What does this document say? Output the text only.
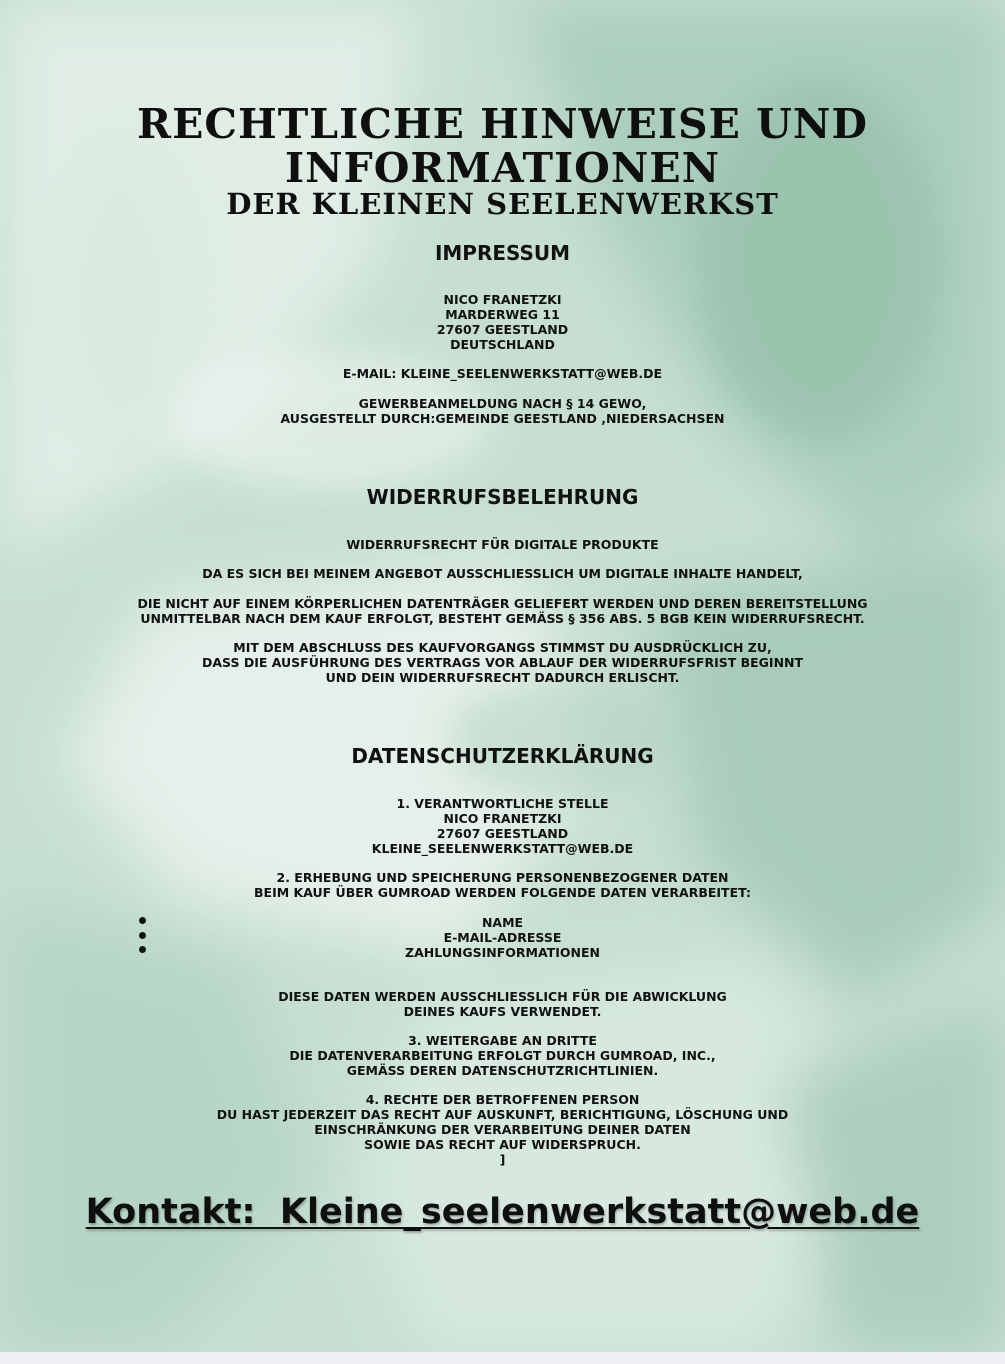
RECHTLICHE HINWEISE UND
INFORMATIONEN
DER KLEINEN SEELENWERKST
IMPRESSUM
NICO FRANETZKI
MARDERWEG 11
27607 GEESTLAND
DEUTSCHLAND
E-MAIL: KLEINE_SEELENWERKSTATT@WEB.DE
GEWERBEANMELDUNG NACH § 14 GEWO,
AUSGESTELLT DURCH:GEMEINDE GEESTLAND ,NIEDERSACHSEN
WIDERRUFSBELEHRUNG
WIDERRUFSRECHT FÜR DIGITALE PRODUKTE
DA ES SICH BEI MEINEM ANGEBOT AUSSCHLIESSLICH UM DIGITALE INHALTE HANDELT,
DIE NICHT AUF EINEM KÖRPERLICHEN DATENTRÄGER GELIEFERT WERDEN UND DEREN BEREITSTELLUNG
UNMITTELBAR NACH DEM KAUF ERFOLGT, BESTEHT GEMÄSS § 356 ABS. 5 BGB KEIN WIDERRUFSRECHT.
MIT DEM ABSCHLUSS DES KAUFVORGANGS STIMMST DU AUSDRÜCKLICH ZU,
DASS DIE AUSFÜHRUNG DES VERTRAGS VOR ABLAUF DER WIDERRUFSFRIST BEGINNT
UND DEIN WIDERRUFSRECHT DADURCH ERLISCHT.
DATENSCHUTZERKLÄRUNG
1. VERANTWORTLICHE STELLE
NICO FRANETZKI
27607 GEESTLAND
KLEINE_SEELENWERKSTATT@WEB.DE
2. ERHEBUNG UND SPEICHERUNG PERSONENBEZOGENER DATEN
BEIM KAUF ÜBER GUMROAD WERDEN FOLGENDE DATEN VERARBEITET:
NAME
E-MAIL-ADRESSE
ZAHLUNGSINFORMATIONEN
DIESE DATEN WERDEN AUSSCHLIESSLICH FÜR DIE ABWICKLUNG
DEINES KAUFS VERWENDET.
3. WEITERGABE AN DRITTE
DIE DATENVERARBEITUNG ERFOLGT DURCH GUMROAD, INC.,
GEMÄSS DEREN DATENSCHUTZRICHTLINIEN.
4. RECHTE DER BETROFFENEN PERSON
DU HAST JEDERZEIT DAS RECHT AUF AUSKUNFT, BERICHTIGUNG, LÖSCHUNG UND
EINSCHRÄNKUNG DER VERARBEITUNG DEINER DATEN
SOWIE DAS RECHT AUF WIDERSPRUCH.
]
Kontakt:  Kleine_seelenwerkstatt@web.de
